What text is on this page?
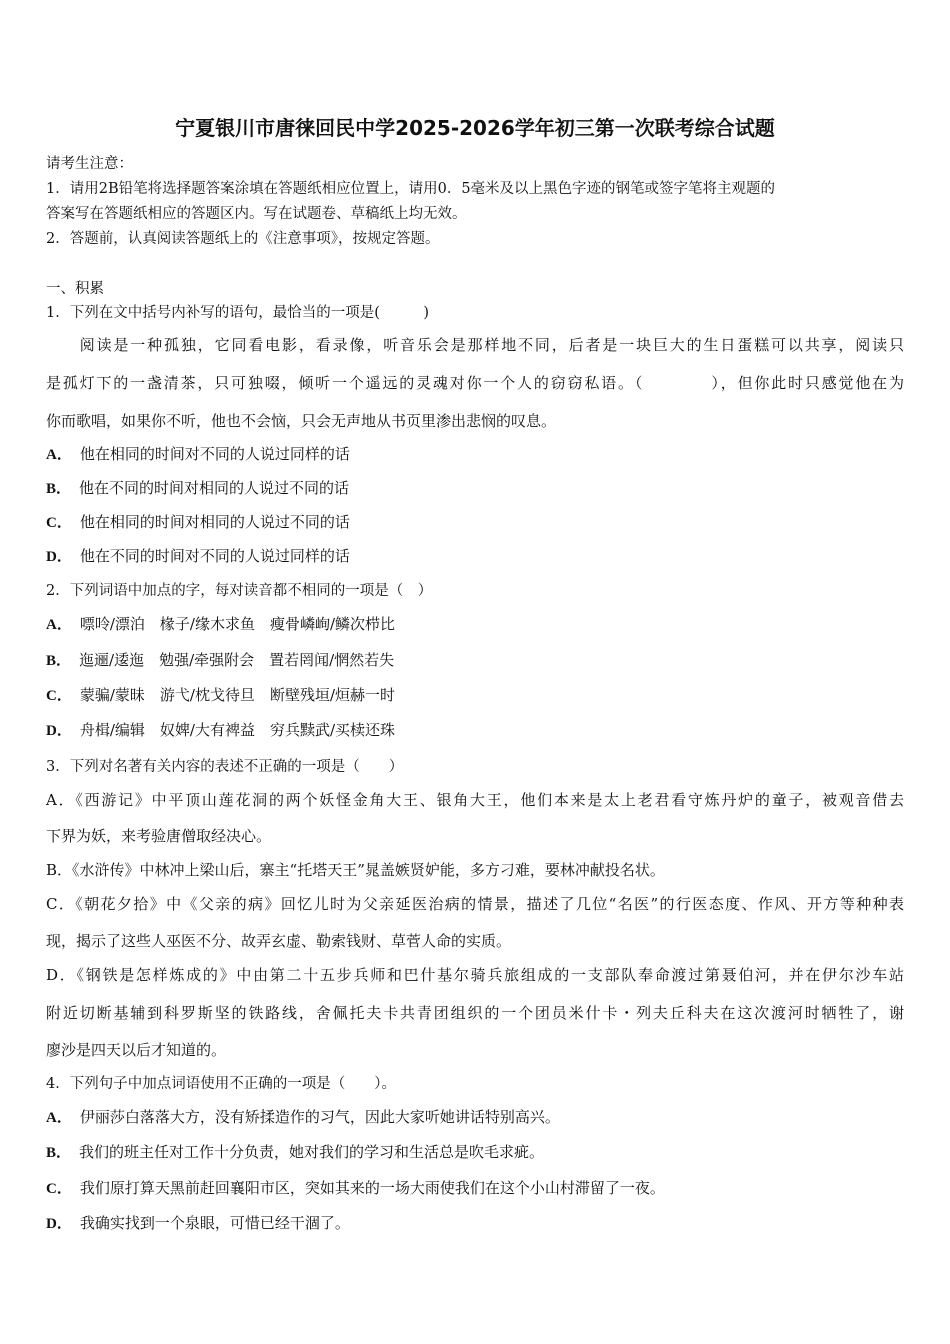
宁夏银川市唐徕回民中学2025-2026学年初三第一次联考综合试题
请考生注意：
1．请用2B铅笔将选择题答案涂填在答题纸相应位置上，请用0．5毫米及以上黑色字迹的钢笔或签字笔将主观题的
答案写在答题纸相应的答题区内。写在试题卷、草稿纸上均无效。
2．答题前，认真阅读答题纸上的《注意事项》，按规定答题。
一、积累
1．下列在文中括号内补写的语句，最恰当的一项是(　　　)
　　阅读是一种孤独，它同看电影，看录像，听音乐会是那样地不同，后者是一块巨大的生日蛋糕可以共享，阅读只
是孤灯下的一盏清茶，只可独啜，倾听一个遥远的灵魂对你一个人的窃窃私语。（　　　　），但你此时只感觉他在为
你而歌唱，如果你不听，他也不会恼，只会无声地从书页里渗出悲悯的叹息。
A． 他在相同的时间对不同的人说过同样的话
B． 他在不同的时间对相同的人说过不同的话
C． 他在相同的时间对相同的人说过不同的话
D． 他在不同的时间对不同的人说过同样的话
2．下列词语中加点的字，每对读音都不相同的一项是（　）
A． 嘌呤/漂泊　椽子/缘木求鱼　瘦骨嶙峋/鳞次栉比
B． 迤逦/逶迤　勉强/牵强附会　置若罔闻/惘然若失
C． 蒙骗/蒙昧　游弋/枕戈待旦　断壁残垣/烜赫一时
D． 舟楫/编辑　奴婢/大有裨益　穷兵黩武/买椟还珠
3．下列对名著有关内容的表述不正确的一项是（　　）
A．《西游记》中平顶山莲花洞的两个妖怪金角大王、银角大王，他们本来是太上老君看守炼丹炉的童子，被观音借去
下界为妖，来考验唐僧取经决心。
B．《水浒传》中林冲上梁山后，寨主“托塔天王”晁盖嫉贤妒能，多方刁难，要林冲献投名状。
C．《朝花夕拾》中《父亲的病》回忆儿时为父亲延医治病的情景，描述了几位“名医”的行医态度、作风、开方等种种表
现，揭示了这些人巫医不分、故弄玄虚、勒索钱财、草菅人命的实质。
D．《钢铁是怎样炼成的》中由第二十五步兵师和巴什基尔骑兵旅组成的一支部队奉命渡过第聂伯河，并在伊尔沙车站
附近切断基辅到科罗斯坚的铁路线，舍佩托夫卡共青团组织的一个团员米什卡・列夫丘科夫在这次渡河时牺牲了，谢
廖沙是四天以后才知道的。
4．下列句子中加点词语使用不正确的一项是（　　）。
A． 伊丽莎白落落大方，没有矫揉造作的习气，因此大家听她讲话特别高兴。
B． 我们的班主任对工作十分负责，她对我们的学习和生活总是吹毛求疵。
C． 我们原打算天黑前赶回襄阳市区，突如其来的一场大雨使我们在这个小山村滞留了一夜。
D． 我确实找到一个泉眼，可惜已经干涸了。
